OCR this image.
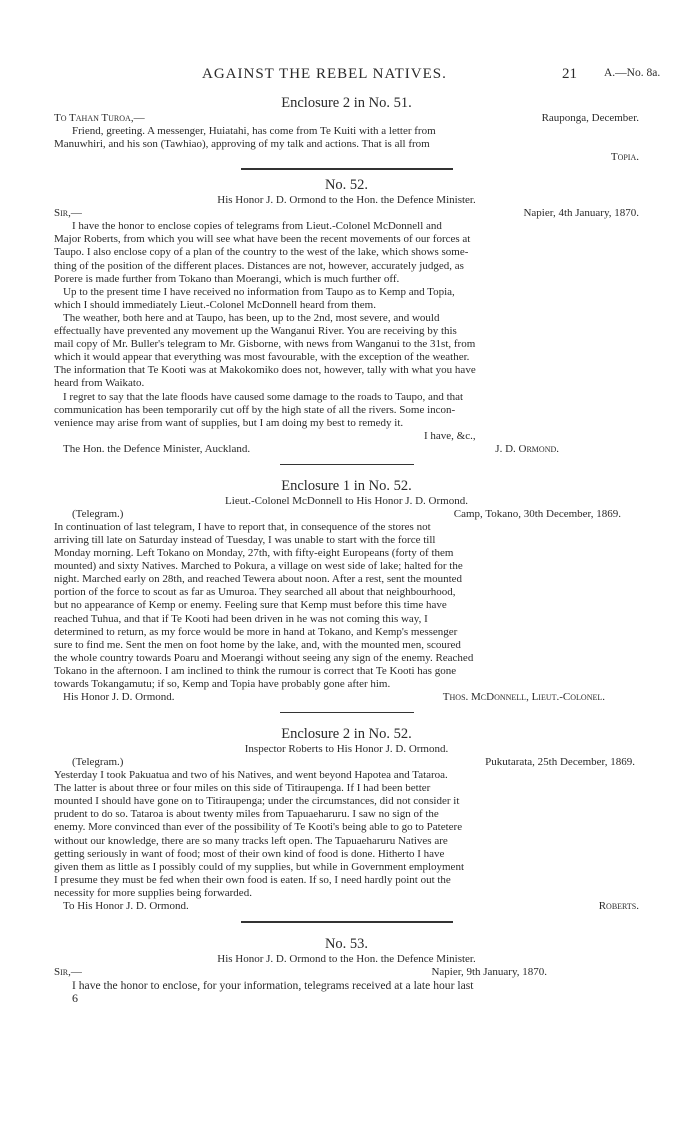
AGAINST THE REBEL NATIVES.	21 A.—No. 8a.
Enclosure 2 in No. 51.
To Tahan Turoa,—	Rauponga, December.
Friend, greeting. A messenger, Huiatahi, has come from Te Kuiti with a letter from
Manuwhiri, and his son (Tawhiao), approving of my talk and actions. That is all from
Topia.
No. 52.
His Honor J. D. Ormond to the Hon. the Defence Minister.
Sir,—	Napier, 4th January, 1870.
I have the honor to enclose copies of telegrams from Lieut.-Colonel McDonnell and
Major Roberts, from which you will see what have been the recent movements of our forces at
Taupo. I also enclose copy of a plan of the country to the west of the lake, which shows some-
thing of the position of the different places. Distances are not, however, accurately judged, as
Porere is made further from Tokano than Moerangi, which is much further off.
Up to the present time I have received no information from Taupo as to Kemp and Topia,
which I should immediately Lieut.-Colonel McDonnell heard from them.
The weather, both here and at Taupo, has been, up to the 2nd, most severe, and would
effectually have prevented any movement up the Wanganui River. You are receiving by this
mail copy of Mr. Buller's telegram to Mr. Gisborne, with news from Wanganui to the 31st, from
which it would appear that everything was most favourable, with the exception of the weather.
The information that Te Kooti was at Makokomiko does not, however, tally with what you have
heard from Waikato.
I regret to say that the late floods have caused some damage to the roads to Taupo, and that
communication has been temporarily cut off by the high state of all the rivers. Some incon-
venience may arise from want of supplies, but I am doing my best to remedy it.
I have, &c.,
The Hon. the Defence Minister, Auckland.	J. D. Ormond.
Enclosure 1 in No. 52.
Lieut.-Colonel McDonnell to His Honor J. D. Ormond.
(Telegram.)	Camp, Tokano, 30th December, 1869.
In continuation of last telegram, I have to report that, in consequence of the stores not
arriving till late on Saturday instead of Tuesday, I was unable to start with the force till
Monday morning. Left Tokano on Monday, 27th, with fifty-eight Europeans (forty of them
mounted) and sixty Natives. Marched to Pokura, a village on west side of lake; halted for the
night. Marched early on 28th, and reached Tewera about noon. After a rest, sent the mounted
portion of the force to scout as far as Umuroa. They searched all about that neighbourhood,
but no appearance of Kemp or enemy. Feeling sure that Kemp must before this time have
reached Tuhua, and that if Te Kooti had been driven in he was not coming this way, I
determined to return, as my force would be more in hand at Tokano, and Kemp's messenger
sure to find me. Sent the men on foot home by the lake, and, with the mounted men, scoured
the whole country towards Poaru and Moerangi without seeing any sign of the enemy. Reached
Tokano in the afternoon. I am inclined to think the rumour is correct that Te Kooti has gone
towards Tokangamutu; if so, Kemp and Topia have probably gone after him.
His Honor J. D. Ormond.	Thos. McDonnell, Lieut.-Colonel.
Enclosure 2 in No. 52.
Inspector Roberts to His Honor J. D. Ormond.
(Telegram.)	Pukutarata, 25th December, 1869.
Yesterday I took Pakuatua and two of his Natives, and went beyond Hapotea and Tataroa.
The latter is about three or four miles on this side of Titiraupenga. If I had been better
mounted I should have gone on to Titiraupenga; under the circumstances, did not consider it
prudent to do so. Tataroa is about twenty miles from Tapuaeharuru. I saw no sign of the
enemy. More convinced than ever of the possibility of Te Kooti's being able to go to Patetere
without our knowledge, there are so many tracks left open. The Tapuaeharuru Natives are
getting seriously in want of food; most of their own kind of food is done. Hitherto I have
given them as little as I possibly could of my supplies, but while in Government employment
I presume they must be fed when their own food is eaten. If so, I need hardly point out the
necessity for more supplies being forwarded.
To His Honor J. D. Ormond.	Roberts.
No. 53.
His Honor J. D. Ormond to the Hon. the Defence Minister.
Sir,—	Napier, 9th January, 1870.
I have the honor to enclose, for your information, telegrams received at a late hour last
6
